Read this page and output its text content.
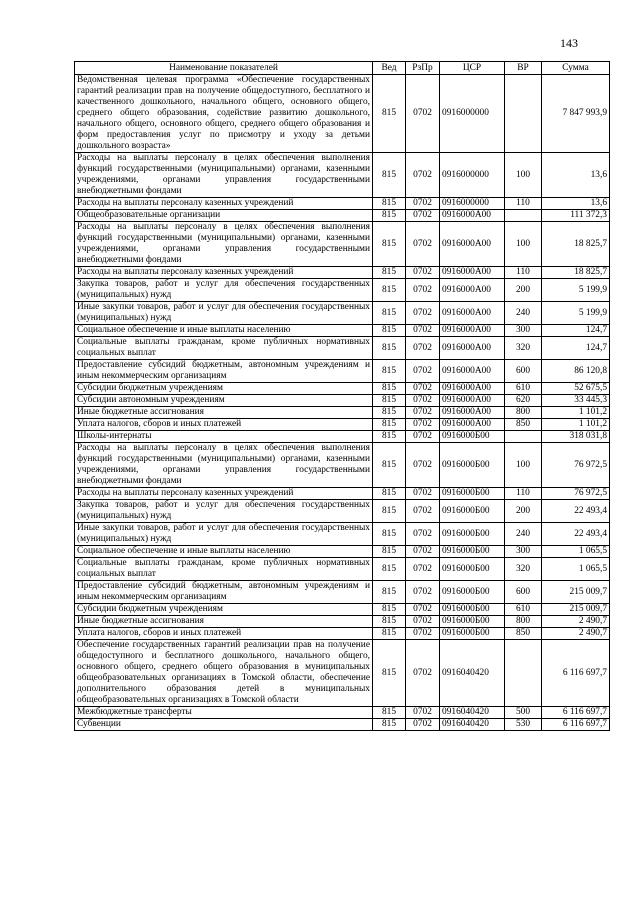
143
Наименование показателей	Вед	РзПр	ЦСР	ВР	Сумма
Ведомственная целевая программа «Обеспечение государственных гарантий реализации прав на получение общедоступного, бесплатного и качественного дошкольного, начального общего, основного общего, среднего общего образования, содействие развитию дошкольного, начального общего, основного общего, среднего общего образования и форм предоставления услуг по присмотру и уходу за детьми дошкольного возраста»	815	0702	0916000000		7 847 993,9
Расходы на выплаты персоналу в целях обеспечения выполнения функций государственными (муниципальными) органами, казенными учреждениями, органами управления государственными внебюджетными фондами	815	0702	0916000000	100	13,6
Расходы на выплаты персоналу казенных учреждений	815	0702	0916000000	110	13,6
Общеобразовательные организации	815	0702	0916000А00		111 372,3
Расходы на выплаты персоналу в целях обеспечения выполнения функций государственными (муниципальными) органами, казенными учреждениями, органами управления государственными внебюджетными фондами	815	0702	0916000А00	100	18 825,7
Расходы на выплаты персоналу казенных учреждений	815	0702	0916000А00	110	18 825,7
Закупка товаров, работ и услуг для обеспечения государственных (муниципальных) нужд	815	0702	0916000А00	200	5 199,9
Иные закупки товаров, работ и услуг для обеспечения государственных (муниципальных) нужд	815	0702	0916000А00	240	5 199,9
Социальное обеспечение и иные выплаты населению	815	0702	0916000А00	300	124,7
Социальные выплаты гражданам, кроме публичных нормативных социальных выплат	815	0702	0916000А00	320	124,7
Предоставление субсидий бюджетным, автономным учреждениям и иным некоммерческим организациям	815	0702	0916000А00	600	86 120,8
Субсидии бюджетным учреждениям	815	0702	0916000А00	610	52 675,5
Субсидии автономным учреждениям	815	0702	0916000А00	620	33 445,3
Иные бюджетные ассигнования	815	0702	0916000А00	800	1 101,2
Уплата налогов, сборов и иных платежей	815	0702	0916000А00	850	1 101,2
Школы-интернаты	815	0702	0916000Б00		318 031,8
Расходы на выплаты персоналу в целях обеспечения выполнения функций государственными (муниципальными) органами, казенными учреждениями, органами управления государственными внебюджетными фондами	815	0702	0916000Б00	100	76 972,5
Расходы на выплаты персоналу казенных учреждений	815	0702	0916000Б00	110	76 972,5
Закупка товаров, работ и услуг для обеспечения государственных (муниципальных) нужд	815	0702	0916000Б00	200	22 493,4
Иные закупки товаров, работ и услуг для обеспечения государственных (муниципальных) нужд	815	0702	0916000Б00	240	22 493,4
Социальное обеспечение и иные выплаты населению	815	0702	0916000Б00	300	1 065,5
Социальные выплаты гражданам, кроме публичных нормативных социальных выплат	815	0702	0916000Б00	320	1 065,5
Предоставление субсидий бюджетным, автономным учреждениям и иным некоммерческим организациям	815	0702	0916000Б00	600	215 009,7
Субсидии бюджетным учреждениям	815	0702	0916000Б00	610	215 009,7
Иные бюджетные ассигнования	815	0702	0916000Б00	800	2 490,7
Уплата налогов, сборов и иных платежей	815	0702	0916000Б00	850	2 490,7
Обеспечение государственных гарантий реализации прав на получение общедоступного и бесплатного дошкольного, начального общего, основного общего, среднего общего образования в муниципальных общеобразовательных организациях в Томской области, обеспечение дополнительного образования детей в муниципальных общеобразовательных организациях в Томской области	815	0702	0916040420		6 116 697,7
Межбюджетные трансферты	815	0702	0916040420	500	6 116 697,7
Субвенции	815	0702	0916040420	530	6 116 697,7
